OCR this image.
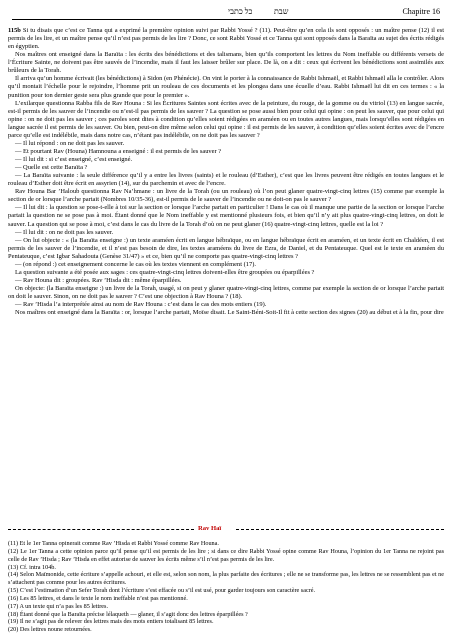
כל כתבי	שבת	Chapitre 16

115b Si tu disais que c’est ce Tanna qui a exprimé la première opinion suivi par Rabbi Yossé ? (11). Peut-être qu’en cela ils sont opposés : un maître pense (12) il est permis de les lire, et un maître pense qu’il n’est pas permis de les lire ? Donc, ce sont Rabbi Yossé et ce Tanna qui sont opposés dans la Baraïta au sujet des écrits rédigés en égyptien.

Nos maîtres ont enseigné dans la Baraïta : les écrits des bénédictions et des talismans, bien qu’ils comportent les lettres du Nom ineffable ou différents versets de l’Écriture Sainte, ne doivent pas être sauvés de l’incendie, mais il faut les laisser brûler sur place. De là, on a dit : ceux qui écrivent les bénédictions sont assimilés aux brûleurs de la Torah.

Il arriva qu’un homme écrivait (les bénédictions) à Sidon (en Phénécie). On vint le porter à la connaissance de Rabbi Ishmaël, et Rabbi Ishmaël alla le contrôler. Alors qu’il montait l’échelle pour le rejoindre, l’homme prit un rouleau de ces documents et les plongea dans une écuelle d’eau. Rabbi Ishmaël lui dit en ces termes : « la punition pour ton dernier geste sera plus grande que pour le premier ».

L’exilarque questionna Rabba fils de Rav Houna : Si les Écritures Saintes sont écrites avec de la peinture, du rouge, de la gomme ou du vitriol (13) en langue sacrée, est-il permis de les sauver de l’incendie ou n’est-il pas permis de les sauver ? La question se pose aussi bien pour celui qui opine : on peut les sauver, que pour celui qui opine : on ne doit pas les sauver ; ces paroles sont dites à condition qu’elles soient rédigées en araméen ou en toutes autres langues, mais lorsqu’elles sont rédigées en langue sacrée il est permis de les sauver. Ou bien, peut-on dire même selon celui qui opine : il est permis de les sauver, à condition qu’elles soient écrites avec de l’encre parce qu’elle est indélébile, mais dans notre cas, n’étant pas indélébile, on ne doit pas les sauver ?

— Il lui répond : on ne doit pas les sauver.

— Et pourtant Rav (Houna) Hamnouna a enseigné : il est permis de les sauver ?

— Il lui dit : si c’est enseigné, c’est enseigné.

— Quelle est cette Baraïta ?

— La Baraïta suivante : la seule différence qu’il y a entre les livres (saints) et le rouleau (d’Esther), c’est que les livres peuvent être rédigés en toutes langues et le rouleau d’Esther doit être écrit en assyrien (14), sur du parchemin et avec de l’encre.

Rav Houna Bar ’Haloub questionna Rav Na’hmane : un livre de la Torah (ou un rouleau) où l’on peut glaner quatre-vingt-cinq lettres (15) comme par exemple la section de or lorsque l’arche partait (Nombres 10/35-36), est-il permis de le sauver de l’incendie ou ne doit-on pas le sauver ?

— Il lui dit : la question se pose-t-elle à toi sur la section or lorsque l’arche partait en particulier ! Dans le cas où il manque une partie de la section or lorsque l’arche partait la question ne se pose pas à moi. Étant donné que le Nom ineffable y est mentionné plusieurs fois, et bien qu’il n’y ait plus quatre-vingt-cinq lettres, on doit le sauver. La question qui se pose à moi, c’est dans le cas du livre de la Torah d’où on ne peut glaner (16) quatre-vingt-cinq lettres, quelle est la loi ?

— Il lui dit : on ne doit pas les sauver.

— On lui objecte : « (la Baraïta enseigne :) un texte araméen écrit en langue hébraïque, ou en langue hébraïque écrit en araméen, et un texte écrit en Chaldéen, il est permis de les sauver de l’incendie, et il n’est pas besoin de dire, les textes araméens du livre de Ezra, de Daniel, et du Pentateuque. Quel est le texte en araméen du Pentateuque, c’est Igbar Sahadouta (Genèse 31/47) » et ce, bien qu’il ne comporte pas quatre-vingt-cinq lettres ?

— (on répond :) cet enseignement concerne le cas où les textes viennent en complément (17).

La question suivante a été posée aux sages : ces quatre-vingt-cinq lettres doivent-elles être groupées ou éparpillées ?

— Rav Houna dit : groupées. Rav ’Hisda dit : même éparpillées.

On objecte: (la Baraïta enseigne :) un livre de la Torah, usagé, si on peut y glaner quatre-vingt-cinq lettres, comme par exemple la section de or lorsque l’arche partait on doit le sauver. Sinon, on ne doit pas le sauver ? C’est une objection à Rav Houna ? (18).

— Rav ’Hisda l’a interprétée ainsi au nom de Rav Houna : c’est dans le cas des mots entiers (19).

Nos maîtres ont enseigné dans la Baraïta : or, lorsque l’arche partait, Moïse disait. Le Saint-Béni-Soit-Il fit à cette section des signes (20) au début et à la fin, pour dire

Rav Haï

(11) Et le 1er Tanna opinerait comme Rav ’Hisda et Rabbi Yossé comme Rav Houna.

(12) Le 1er Tanna a cette opinion parce qu’il pense qu’il est permis de les lire ; si dans ce dire Rabbi Yossé opine comme Rav Houna, l’opinion du 1er Tanna ne rejoint pas celle de Rav ’Hisda ; Rav ’Hisda en effet autorise de sauver les écrits même s’il n’est pas permis de les lire.

(13) Cf. intra 104b.

(14) Selon Maïmonide, cette écriture s’appelle achouri, et elle est, selon son nom, la plus parfaite des écritures ; elle ne se transforme pas, les lettres ne se ressemblent pas et ne s’attachent pas comme pour les autres écritures.

(15) C’est l’estimation d’un Sefer Torah dont l’écriture s’est effacée ou s’il est usé, pour garder toujours son caractère sacré.

(16) Les 85 lettres, et dans le texte le nom ineffable n’est pas mentionné.

(17) A un texte qui n’a pas les 85 lettres.

(18) Étant donné que la Baraïta précise lélaqueth — glaner, il s’agit donc des lettres éparpillées ?

(19) Il ne s’agit pas de relever des lettres mais des mots entiers totalisant 85 lettres.

(20) Des lettres noune retournées.
